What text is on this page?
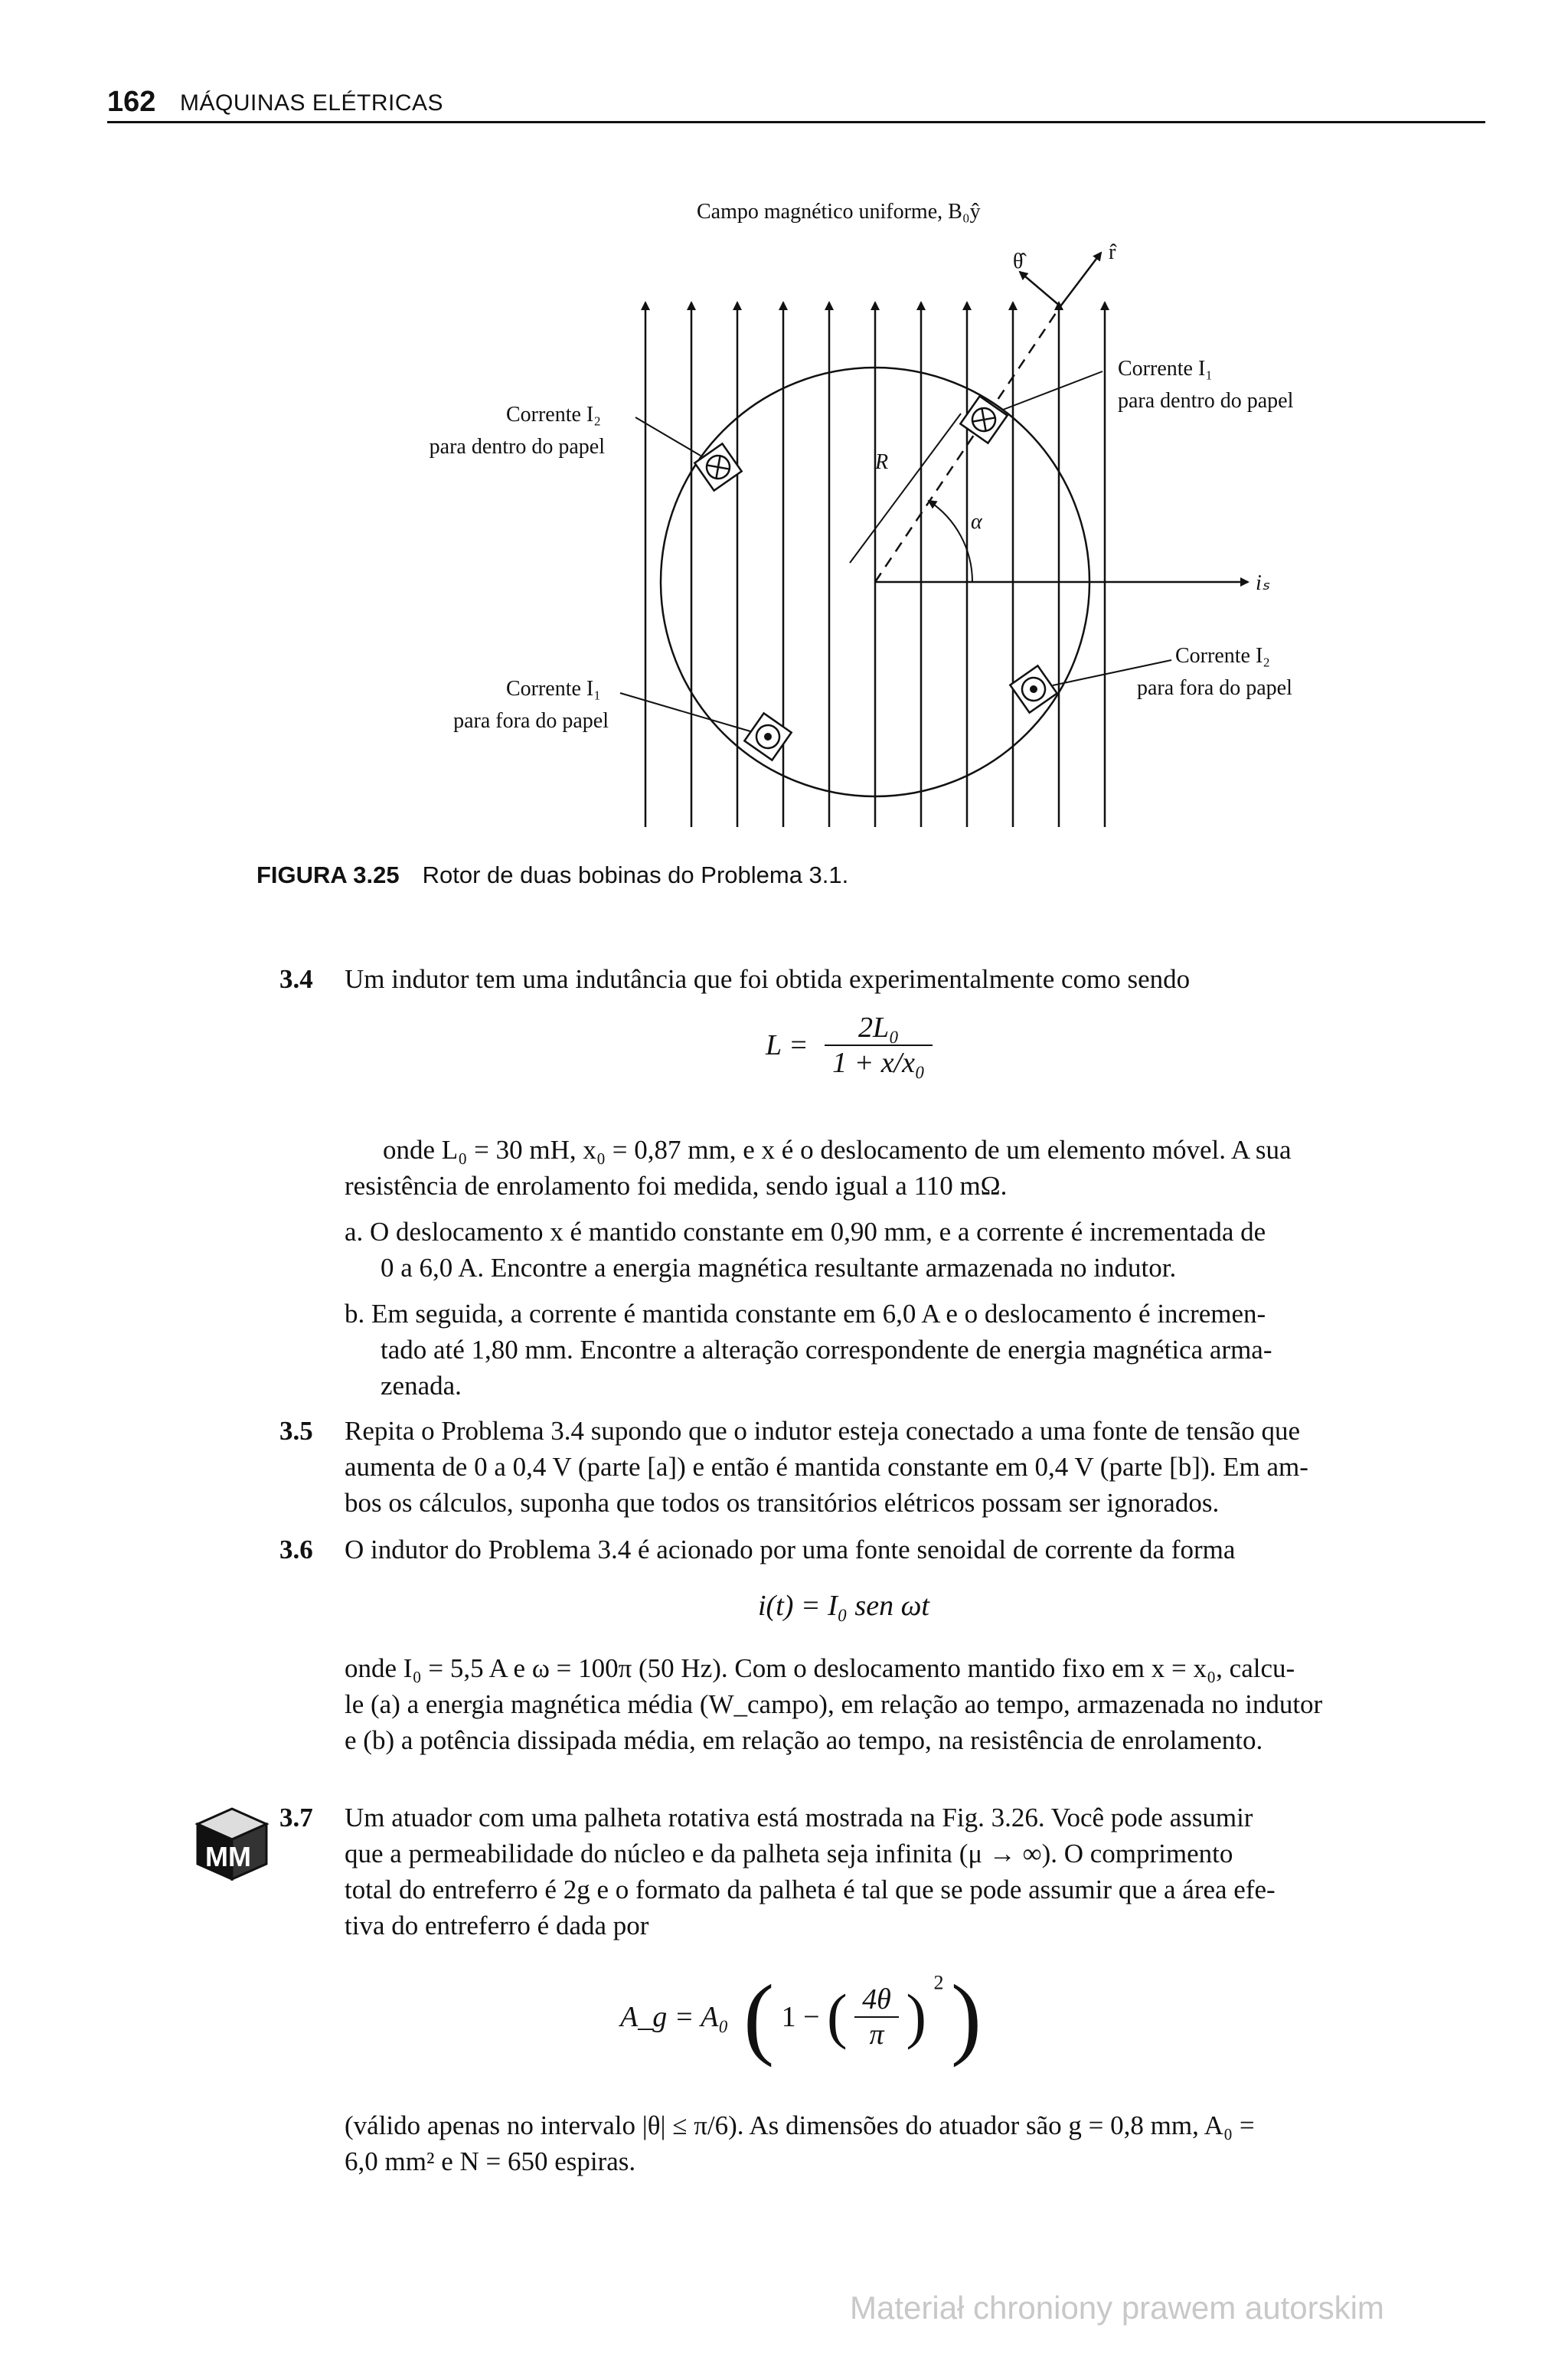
162 MÁQUINAS ELÉTRICAS
Campo magnético uniforme, B₀ŷ
r̂
θ̂
R
α
iₛ
Corrente I₁
para dentro do papel
Corrente I₂
para dentro do papel
Corrente I₁
para fora do papel
Corrente I₂
para fora do papel
FIGURA 3.25 Rotor de duas bobinas do Problema 3.1.
3.4 Um indutor tem uma indutância que foi obtida experimentalmente como sendo
$L = \frac{\text{2L₀}}{\text{1 + x/x₀}}$
onde L₀ = 30 mH, x₀ = 0,87 mm, e x é o deslocamento de um elemento móvel. A sua
resistência de enrolamento foi medida, sendo igual a 110 mΩ.
a. O deslocamento x é mantido constante em 0,90 mm, e a corrente é incrementada de
0 a 6,0 A. Encontre a energia magnética resultante armazenada no indutor.
b. Em seguida, a corrente é mantida constante em 6,0 A e o deslocamento é incremen-
tado até 1,80 mm. Encontre a alteração correspondente de energia magnética arma-
zenada.
3.5 Repita o Problema 3.4 supondo que o indutor esteja conectado a uma fonte de tensão que
aumenta de 0 a 0,4 V (parte [a]) e então é mantida constante em 0,4 V (parte [b]). Em am-
bos os cálculos, suponha que todos os transitórios elétricos possam ser ignorados.
3.6 O indutor do Problema 3.4 é acionado por uma fonte senoidal de corrente da forma
i(t) = I₀ sen ωt
onde I₀ = 5,5 A e ω = 100π (50 Hz). Com o deslocamento mantido fixo em x = x₀, calcu-
le (a) a energia magnética média (W_campo), em relação ao tempo, armazenada no indutor
e (b) a potência dissipada média, em relação ao tempo, na resistência de enrolamento.
MM
3.7 Um atuador com uma palheta rotativa está mostrada na Fig. 3.26. Você pode assumir
que a permeabilidade do núcleo e da palheta seja infinita (μ → ∞). O comprimento
total do entreferro é 2g e o formato da palheta é tal que se pode assumir que a área efe-
tiva do entreferro é dada por
A_g = A₀ ( 1 − ( $\frac{4\theta}{\pi}$ ) $^2$ )
(válido apenas no intervalo |θ| ≤ π/6). As dimensões do atuador são g = 0,8 mm, A₀ =
6,0 mm² e N = 650 espiras.
Materiał chroniony prawem autorskim
